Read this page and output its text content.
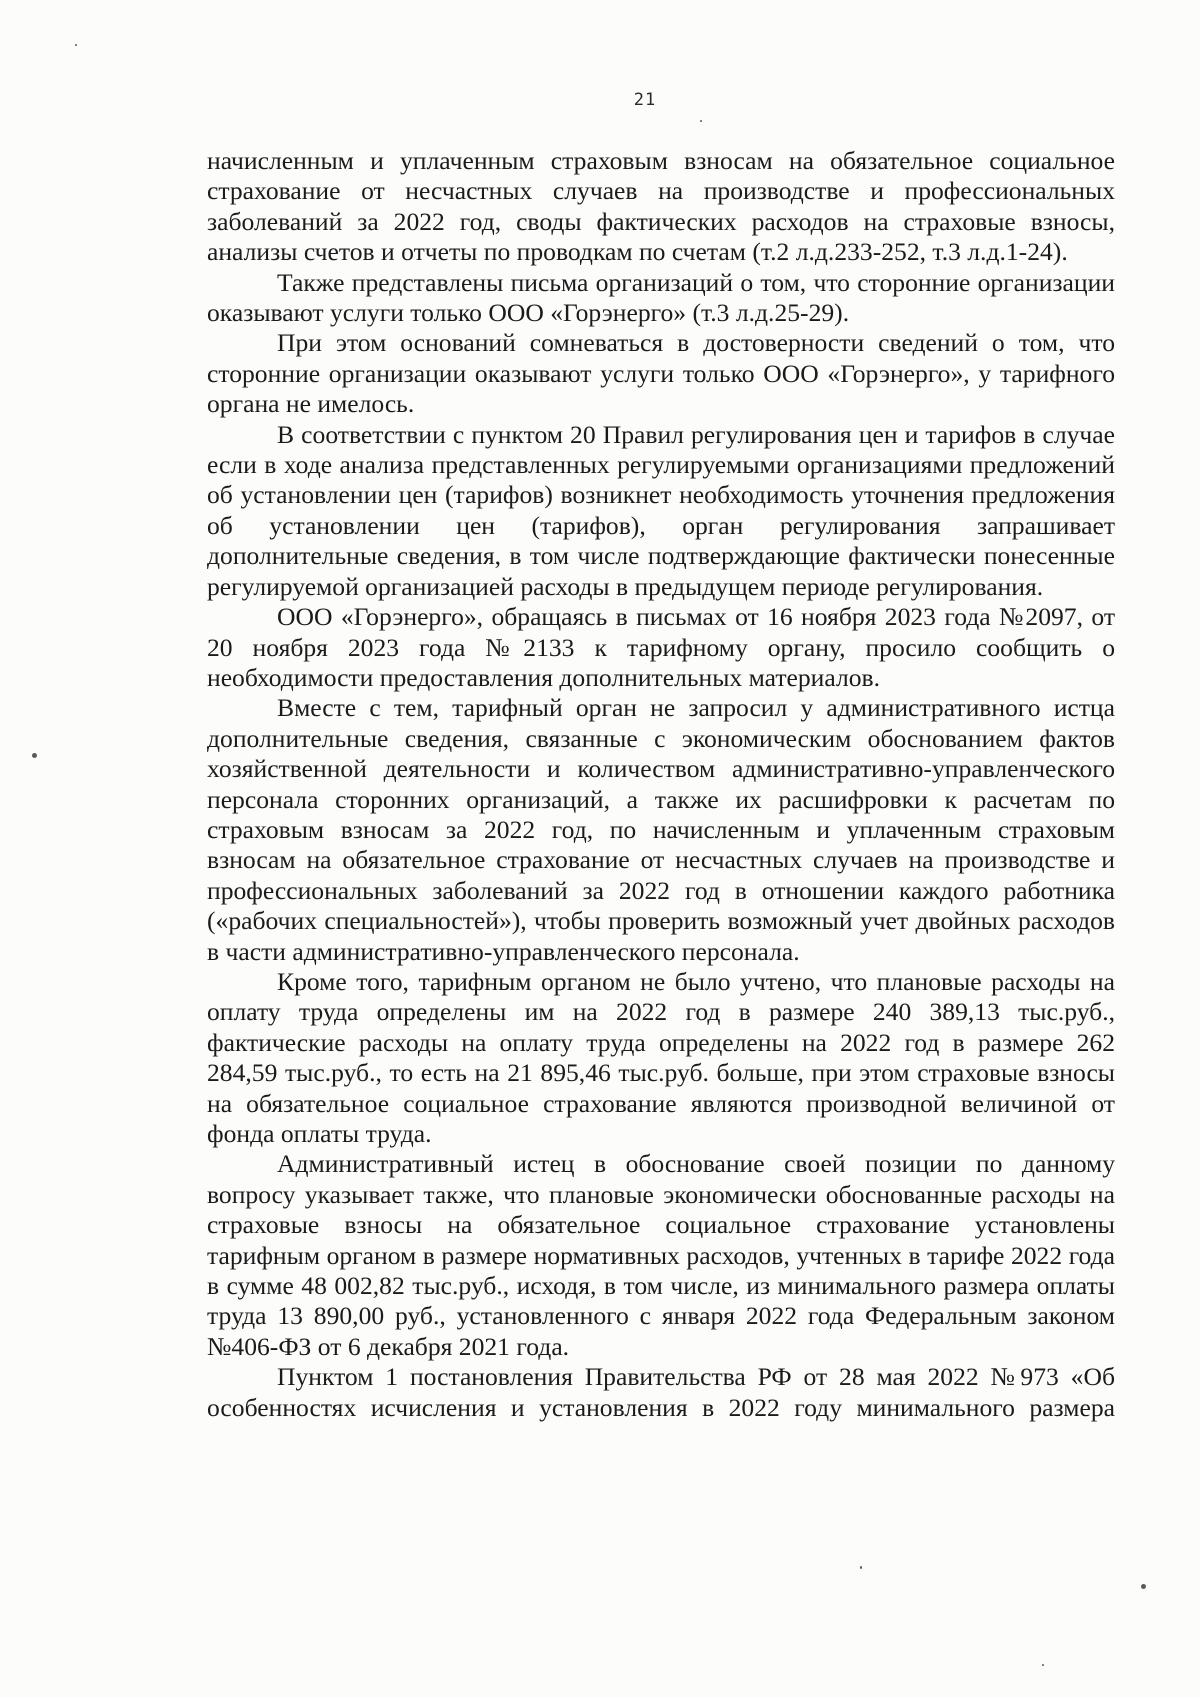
21

начисленным и уплаченным страховым взносам на обязательное социальное страхование от несчастных случаев на производстве и профессиональных заболеваний за 2022 год, своды фактических расходов на страховые взносы, анализы счетов и отчеты по проводкам по счетам (т.2 л.д.233-252, т.3 л.д.1-24).

Также представлены письма организаций о том, что сторонние организации оказывают услуги только ООО «Горэнерго» (т.3 л.д.25-29).

При этом оснований сомневаться в достоверности сведений о том, что сторонние организации оказывают услуги только ООО «Горэнерго», у тарифного органа не имелось.

В соответствии с пунктом 20 Правил регулирования цен и тарифов в случае если в ходе анализа представленных регулируемыми организациями предложений об установлении цен (тарифов) возникнет необходимость уточнения предложения об установлении цен (тарифов), орган регулирования запрашивает дополнительные сведения, в том числе подтверждающие фактически понесенные регулируемой организацией расходы в предыдущем периоде регулирования.

ООО «Горэнерго», обращаясь в письмах от 16 ноября 2023 года №2097, от 20 ноября 2023 года №2133 к тарифному органу, просило сообщить о необходимости предоставления дополнительных материалов.

Вместе с тем, тарифный орган не запросил у административного истца дополнительные сведения, связанные с экономическим обоснованием фактов хозяйственной деятельности и количеством административно-управленческого персонала сторонних организаций, а также их расшифровки к расчетам по страховым взносам за 2022 год, по начисленным и уплаченным страховым взносам на обязательное страхование от несчастных случаев на производстве и профессиональных заболеваний за 2022 год в отношении каждого работника («рабочих специальностей»), чтобы проверить возможный учет двойных расходов в части административно-управленческого персонала.

Кроме того, тарифным органом не было учтено, что плановые расходы на оплату труда определены им на 2022 год в размере 240 389,13 тыс.руб., фактические расходы на оплату труда определены на 2022 год в размере 262 284,59 тыс.руб., то есть на 21 895,46 тыс.руб. больше, при этом страховые взносы на обязательное социальное страхование являются производной величиной от фонда оплаты труда.

Административный истец в обоснование своей позиции по данному вопросу указывает также, что плановые экономически обоснованные расходы на страховые взносы на обязательное социальное страхование установлены тарифным органом в размере нормативных расходов, учтенных в тарифе 2022 года в сумме 48 002,82 тыс.руб., исходя, в том числе, из минимального размера оплаты труда 13 890,00 руб., установленного с января 2022 года Федеральным законом №406-ФЗ от 6 декабря 2021 года.

Пунктом 1 постановления Правительства РФ от 28 мая 2022 №973 «Об особенностях исчисления и установления в 2022 году минимального размера
